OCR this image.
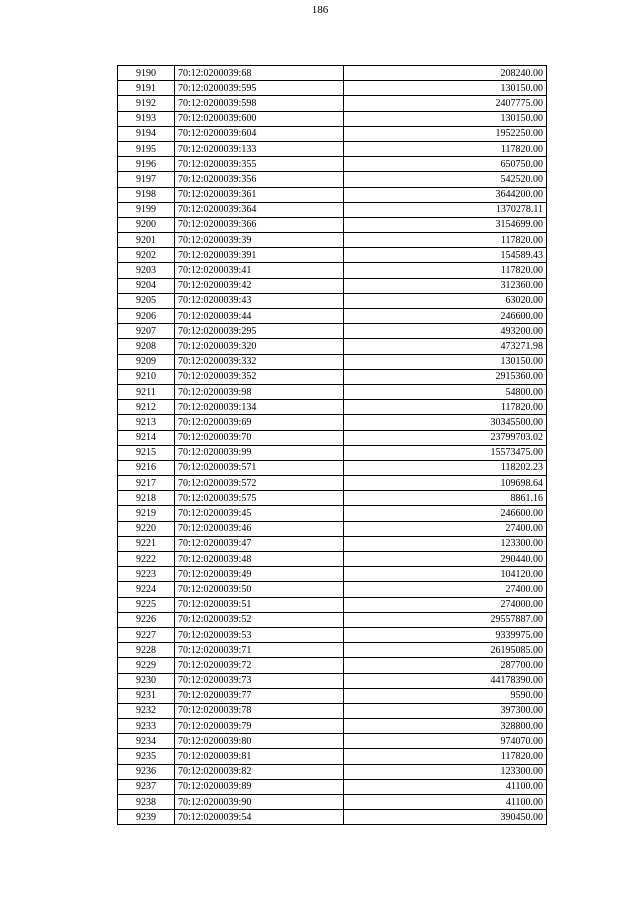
186
9190	70:12:0200039:68	208240.00
9191	70:12:0200039:595	130150.00
9192	70:12:0200039:598	2407775.00
9193	70:12:0200039:600	130150.00
9194	70:12:0200039:604	1952250.00
9195	70:12:0200039:133	117820.00
9196	70:12:0200039:355	650750.00
9197	70:12:0200039:356	542520.00
9198	70:12:0200039:361	3644200.00
9199	70:12:0200039:364	1370278.11
9200	70:12:0200039:366	3154699.00
9201	70:12:0200039:39	117820.00
9202	70:12:0200039:391	154589.43
9203	70:12:0200039:41	117820.00
9204	70:12:0200039:42	312360.00
9205	70:12:0200039:43	63020.00
9206	70:12:0200039:44	246600.00
9207	70:12:0200039:295	493200.00
9208	70:12:0200039:320	473271.98
9209	70:12:0200039:332	130150.00
9210	70:12:0200039:352	2915360.00
9211	70:12:0200039:98	54800.00
9212	70:12:0200039:134	117820.00
9213	70:12:0200039:69	30345500.00
9214	70:12:0200039:70	23799703.02
9215	70:12:0200039:99	15573475.00
9216	70:12:0200039:571	118202.23
9217	70:12:0200039:572	109698.64
9218	70:12:0200039:575	8861.16
9219	70:12:0200039:45	246600.00
9220	70:12:0200039:46	27400.00
9221	70:12:0200039:47	123300.00
9222	70:12:0200039:48	290440.00
9223	70:12:0200039:49	104120.00
9224	70:12:0200039:50	27400.00
9225	70:12:0200039:51	274000.00
9226	70:12:0200039:52	29557887.00
9227	70:12:0200039:53	9339975.00
9228	70:12:0200039:71	26195085.00
9229	70:12:0200039:72	287700.00
9230	70:12:0200039:73	44178390.00
9231	70:12:0200039:77	9590.00
9232	70:12:0200039:78	397300.00
9233	70:12:0200039:79	328800.00
9234	70:12:0200039:80	974070.00
9235	70:12:0200039:81	117820.00
9236	70:12:0200039:82	123300.00
9237	70:12:0200039:89	41100.00
9238	70:12:0200039:90	41100.00
9239	70:12:0200039:54	390450.00
